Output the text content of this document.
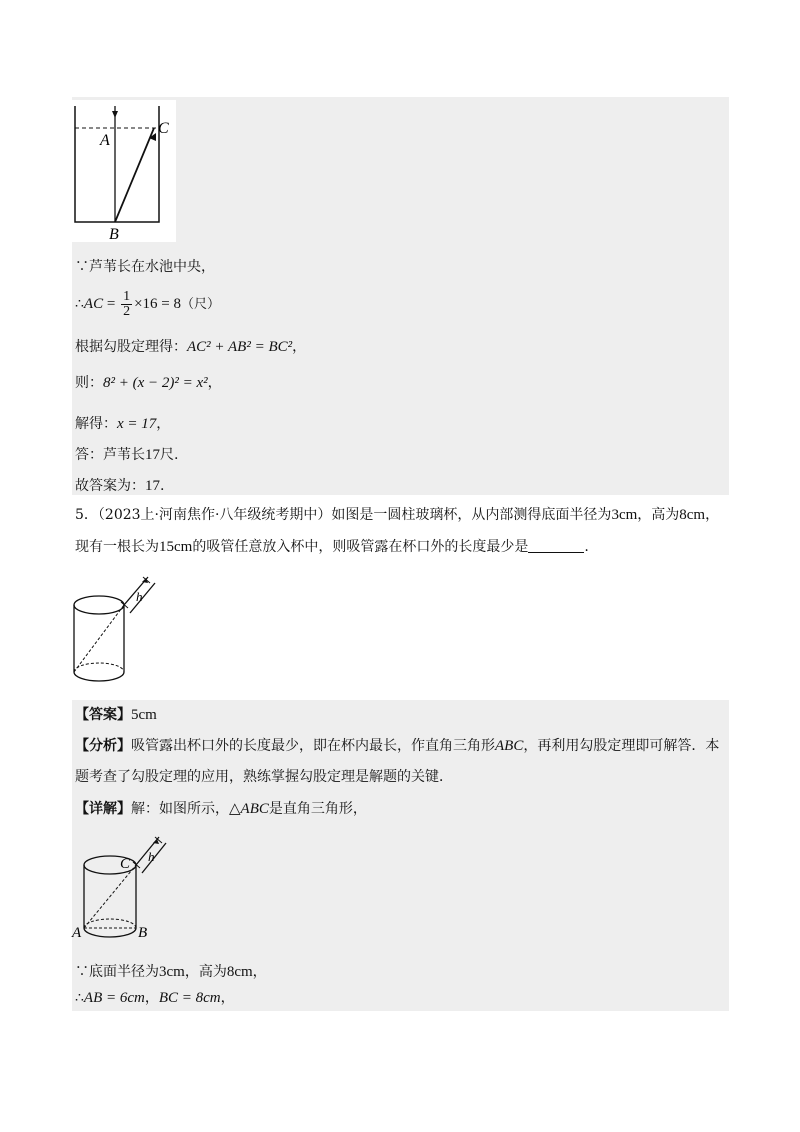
A
C
B
∵芦苇长在水池中央，
∴AC = $\frac{1}{2} \times 16 = 8$（尺）
根据勾股定理得：AC² + AB² = BC²，
则：8² + (x − 2)² = x²，
解得：x = 17，
答：芦苇长17尺.
故答案为：17.
5．（2023上·河南焦作·八年级统考期中）如图是一圆柱玻璃杯，从内部测得底面半径为3cm，高为8cm，
现有一根长为15cm的吸管任意放入杯中，则吸管露在杯口外的长度最少是	.
h
【答案】5cm
【分析】吸管露出杯口外的长度最少，即在杯内最长，作直角三角形ABC，再利用勾股定理即可解答．本
题考查了勾股定理的应用，熟练掌握勾股定理是解题的关键．
【详解】解：如图所示，△ABC是直角三角形，
C h
A	B
∵底面半径为3cm，高为8cm，
∴AB = 6cm，BC = 8cm，
